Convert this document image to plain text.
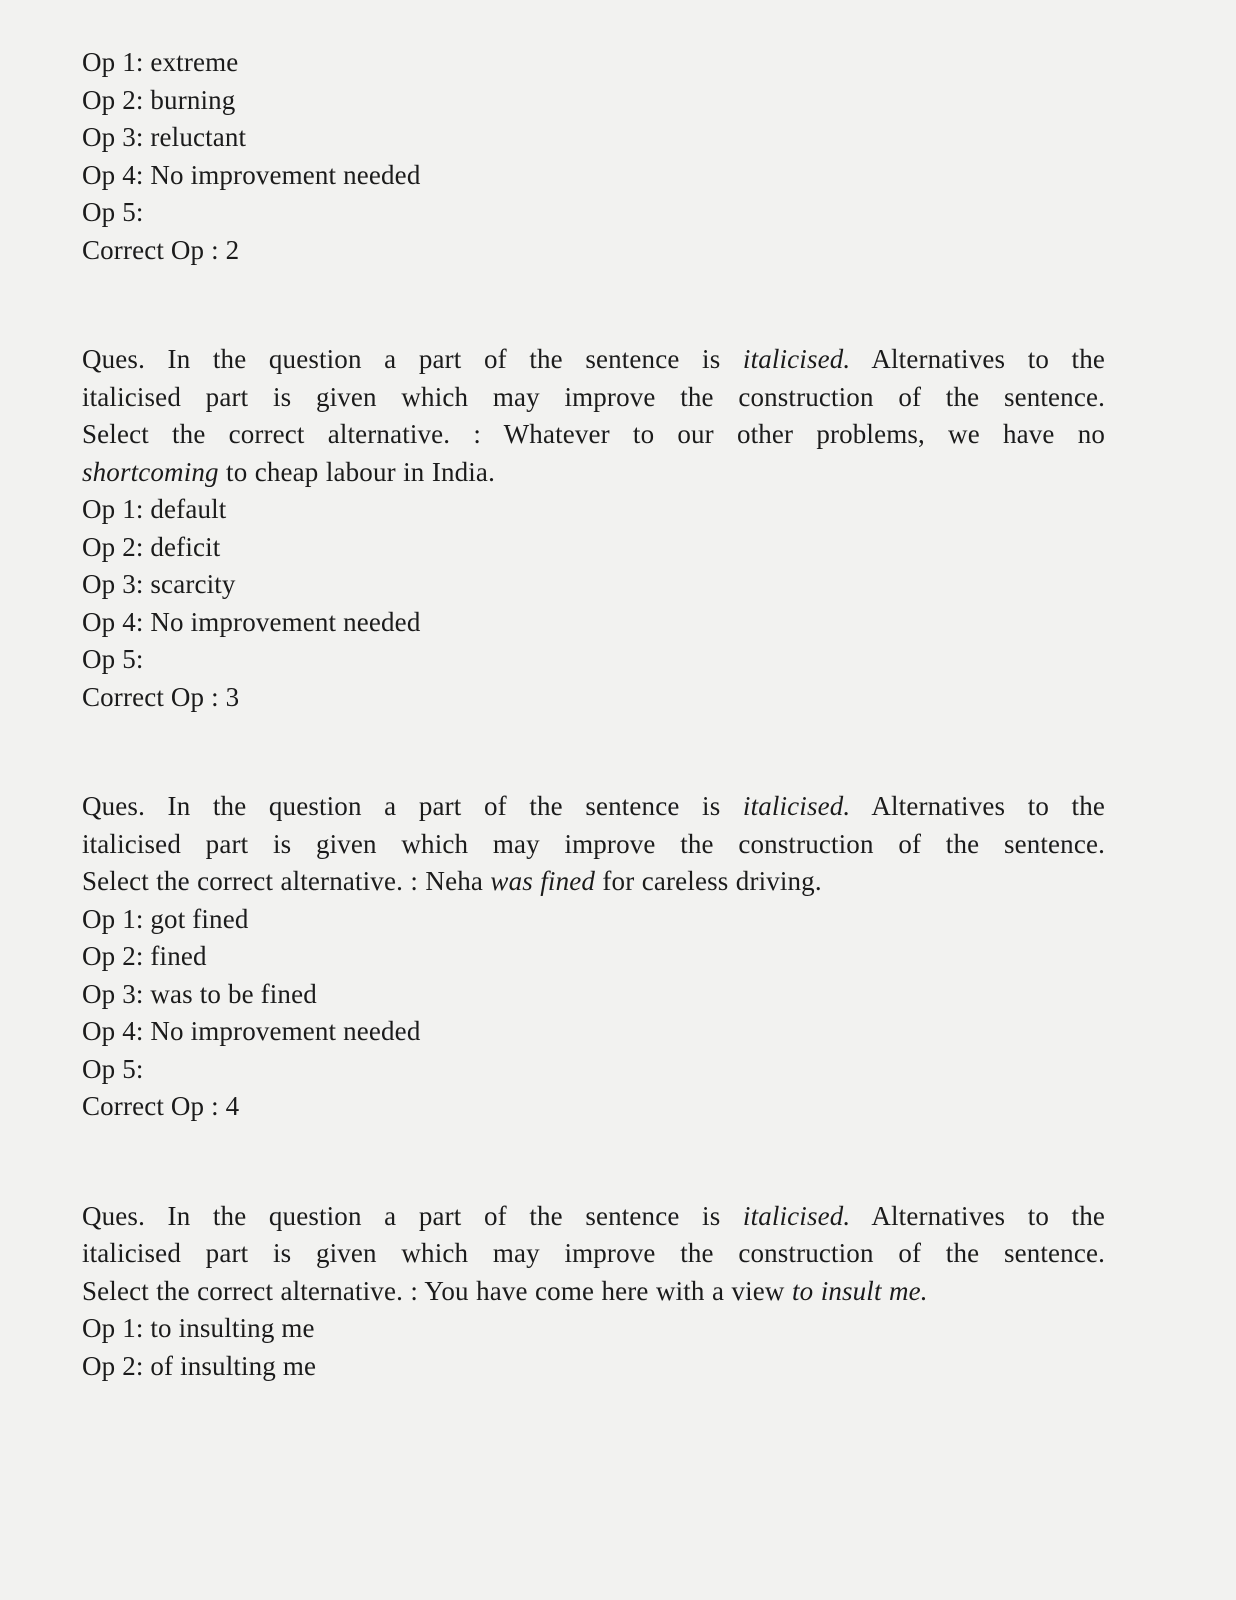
Op 1: extreme
Op 2: burning
Op 3: reluctant
Op 4: No improvement needed
Op 5:
Correct Op : 2
Ques. In the question a part of the sentence is italicised. Alternatives to the
italicised part is given which may improve the construction of the sentence.
Select the correct alternative. : Whatever to our other problems, we have no
shortcoming to cheap labour in India.
Op 1: default
Op 2: deficit
Op 3: scarcity
Op 4: No improvement needed
Op 5:
Correct Op : 3
Ques. In the question a part of the sentence is italicised. Alternatives to the
italicised part is given which may improve the construction of the sentence.
Select the correct alternative. : Neha was fined for careless driving.
Op 1: got fined
Op 2: fined
Op 3: was to be fined
Op 4: No improvement needed
Op 5:
Correct Op : 4
Ques. In the question a part of the sentence is italicised. Alternatives to the
italicised part is given which may improve the construction of the sentence.
Select the correct alternative. : You have come here with a view to insult me.
Op 1: to insulting me
Op 2: of insulting me
